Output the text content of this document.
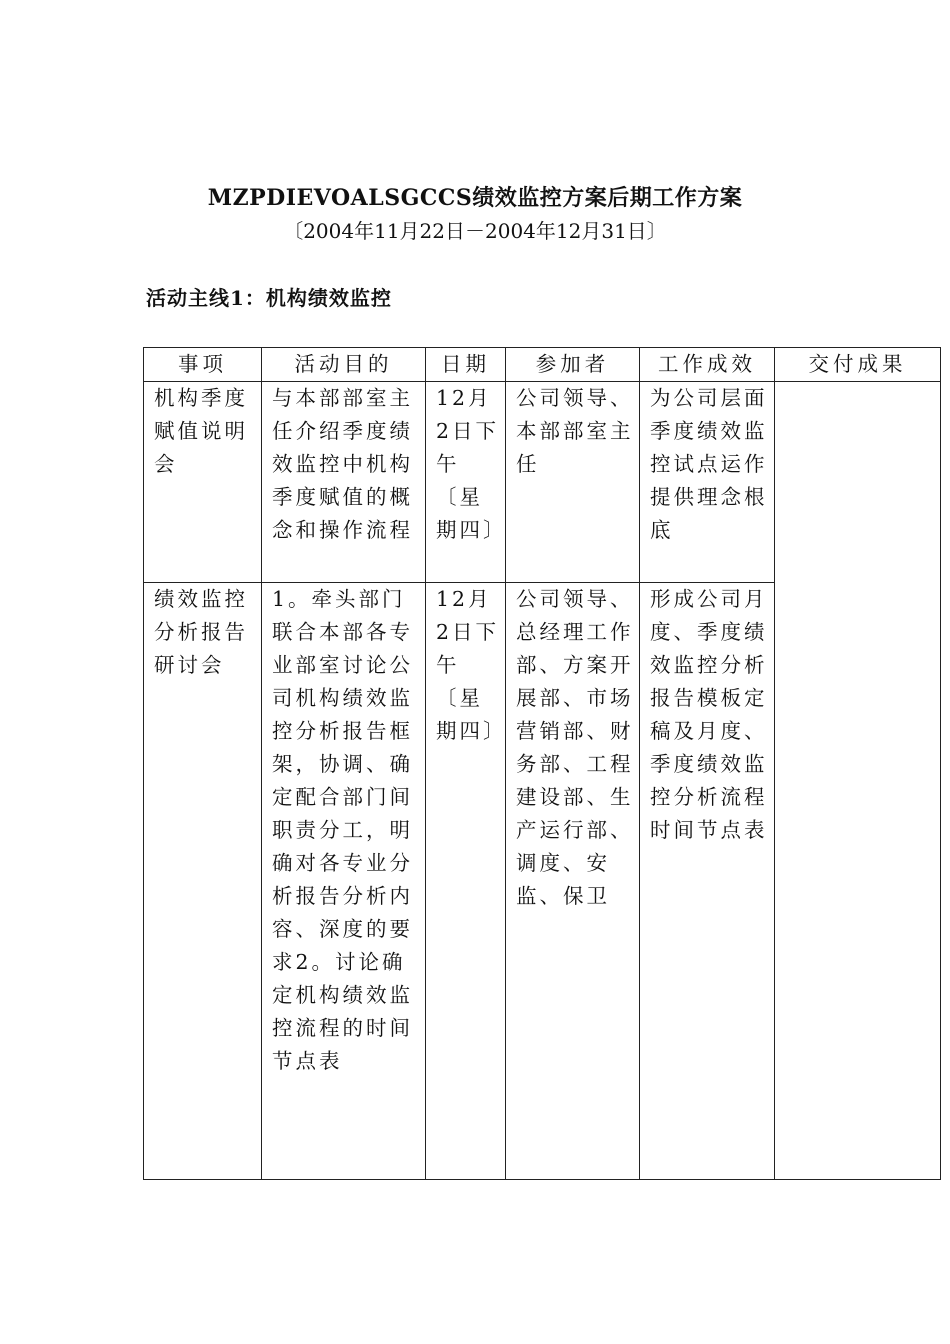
MZPDIEVOALSGCCS绩效监控方案后期工作方案
〔2004年11月22日－2004年12月31日〕
活动主线1：机构绩效监控
事项	活动目的	日期	参加者	工作成效	交付成果
机构季度赋值说明会	与本部部室主任介绍季度绩效监控中机构季度赋值的概念和操作流程	12月2日下午〔星期四〕	公司领导、本部部室主任	为公司层面季度绩效监控试点运作提供理念根底	
绩效监控分析报告研讨会	1。牵头部门联合本部各专业部室讨论公司机构绩效监控分析报告框架，协调、确定配合部门间职责分工，明确对各专业分析报告分析内容、深度的要求2。讨论确定机构绩效监控流程的时间节点表	12月2日下午〔星期四〕	公司领导、总经理工作部、方案开展部、市场营销部、财务部、工程建设部、生产运行部、调度、安监、保卫	形成公司月度、季度绩效监控分析报告模板定稿及月度、季度绩效监控分析流程时间节点表	
